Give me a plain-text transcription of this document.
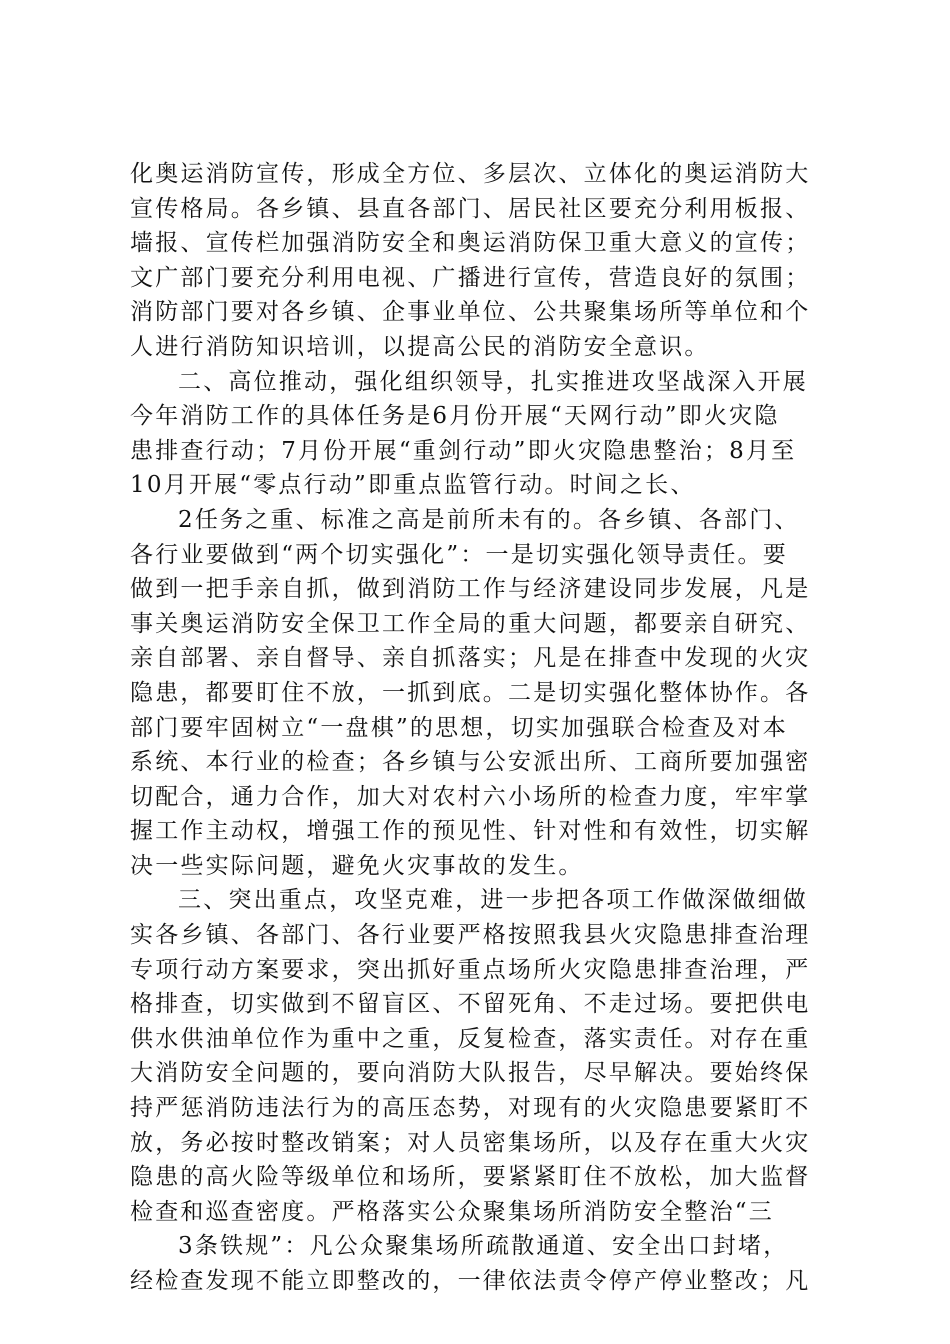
化奥运消防宣传，形成全方位、多层次、立体化的奥运消防大
宣传格局。各乡镇、县直各部门、居民社区要充分利用板报、
墙报、宣传栏加强消防安全和奥运消防保卫重大意义的宣传；
文广部门要充分利用电视、广播进行宣传，营造良好的氛围；
消防部门要对各乡镇、企事业单位、公共聚集场所等单位和个
人进行消防知识培训，以提高公民的消防安全意识。
二、高位推动，强化组织领导，扎实推进攻坚战深入开展
今年消防工作的具体任务是6月份开展“天网行动”即火灾隐
患排查行动；7月份开展“重剑行动”即火灾隐患整治；8月至
10月开展“零点行动”即重点监管行动。时间之长、
2任务之重、标准之高是前所未有的。各乡镇、各部门、
各行业要做到“两个切实强化”：一是切实强化领导责任。要
做到一把手亲自抓，做到消防工作与经济建设同步发展，凡是
事关奥运消防安全保卫工作全局的重大问题，都要亲自研究、
亲自部署、亲自督导、亲自抓落实；凡是在排查中发现的火灾
隐患，都要盯住不放，一抓到底。二是切实强化整体协作。各
部门要牢固树立“一盘棋”的思想，切实加强联合检查及对本
系统、本行业的检查；各乡镇与公安派出所、工商所要加强密
切配合，通力合作，加大对农村六小场所的检查力度，牢牢掌
握工作主动权，增强工作的预见性、针对性和有效性，切实解
决一些实际问题，避免火灾事故的发生。
三、突出重点，攻坚克难，进一步把各项工作做深做细做
实各乡镇、各部门、各行业要严格按照我县火灾隐患排查治理
专项行动方案要求，突出抓好重点场所火灾隐患排查治理，严
格排查，切实做到不留盲区、不留死角、不走过场。要把供电
供水供油单位作为重中之重，反复检查，落实责任。对存在重
大消防安全问题的，要向消防大队报告，尽早解决。要始终保
持严惩消防违法行为的高压态势，对现有的火灾隐患要紧盯不
放，务必按时整改销案；对人员密集场所，以及存在重大火灾
隐患的高火险等级单位和场所，要紧紧盯住不放松，加大监督
检查和巡查密度。严格落实公众聚集场所消防安全整治“三
3条铁规”：凡公众聚集场所疏散通道、安全出口封堵，
经检查发现不能立即整改的，一律依法责令停产停业整改；凡
